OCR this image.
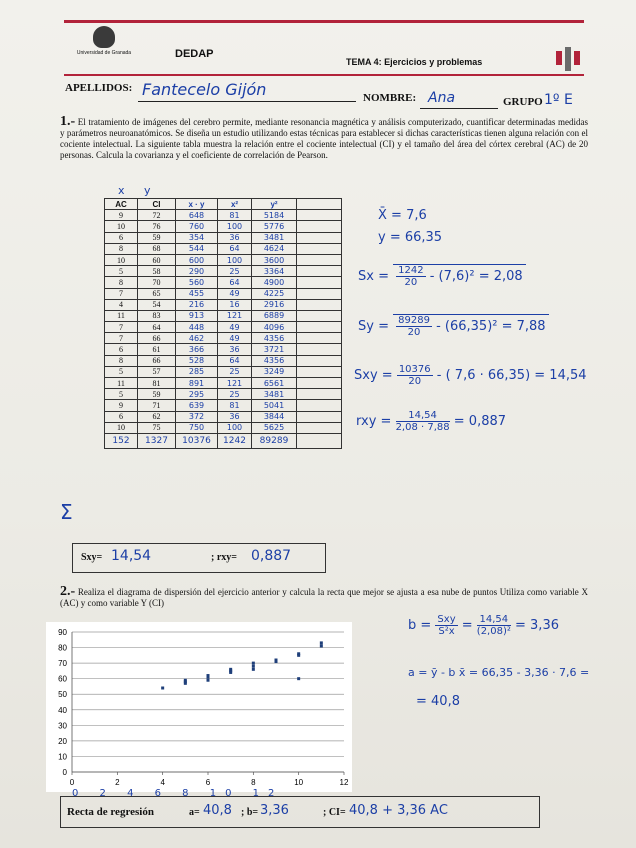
Universidad de Granada	DEDAP
TEMA 4: Ejercicios y problemas
APELLIDOS: Fantecelo Gijón	NOMBRE: Ana	GRUPO 1º E
1.- El tratamiento de imágenes del cerebro permite, mediante resonancia magnética y análisis computerizado, cuantificar determinadas medidas y parámetros neuroanatómicos. Se diseña un estudio utilizando estas técnicas para establecer si dichas características tienen alguna relación con el cociente intelectual. La siguiente tabla muestra la relación entre el cociente intelectual (CI) y el tamaño del área del córtex cerebral (AC) de 20 personas. Calcula la covarianza y el coeficiente de correlación de Pearson.
x y
AC	CI	x · y	x²	y²	
9	72	648	81	5184	
10	76	760	100	5776	
6	59	354	36	3481	
8	68	544	64	4624	
10	60	600	100	3600	
5	58	290	25	3364	
8	70	560	64	4900	
7	65	455	49	4225	
4	54	216	16	2916	
11	83	913	121	6889	
7	64	448	49	4096	
7	66	462	49	4356	
6	61	366	36	3721	
8	66	528	64	4356	
5	57	285	25	3249	
11	81	891	121	6561	
5	59	295	25	3481	
9	71	639	81	5041	
6	62	372	36	3844	
10	75	750	100	5625	
152	1327	10376	1242	89289	
Σ
X̄ = 7,6
y = 66,35
$Sx = \frac{1242}{20} - (7,6)^2 = 2,08$
$Sy = \frac{89289}{20} - (66,35)^2 = 7,88$
Sxy = $\frac{10376}{20}$ - ( 7,6 · 66,35) = 14,54
rxy = $\frac{14,54}{2,08 \cdot 7,88} = 0,887$
Sxy= 14,54	; rxy= 0,887
2.- Realiza el diagrama de dispersión del ejercicio anterior y calcula la recta que mejor se ajusta a esa nube de puntos Utiliza como variable X (AC) y como variable Y (CI)
0
10
20
30
40
50
60
70
80
90
0	2	4	6	8	10	12
$b = \frac{\text{Sxy}}{\text{S²x}} = \frac{14,54}{\text{(2,08)²}} = 3,36$
a = ȳ - b x̄ = 66,35 - 3,36 · 7,6 =
= 40,8
0 2 4 6 8 10 12
Recta de regresión	a= 40,8 ; b= 3,36	; CI= 40,8 + 3,36 AC
